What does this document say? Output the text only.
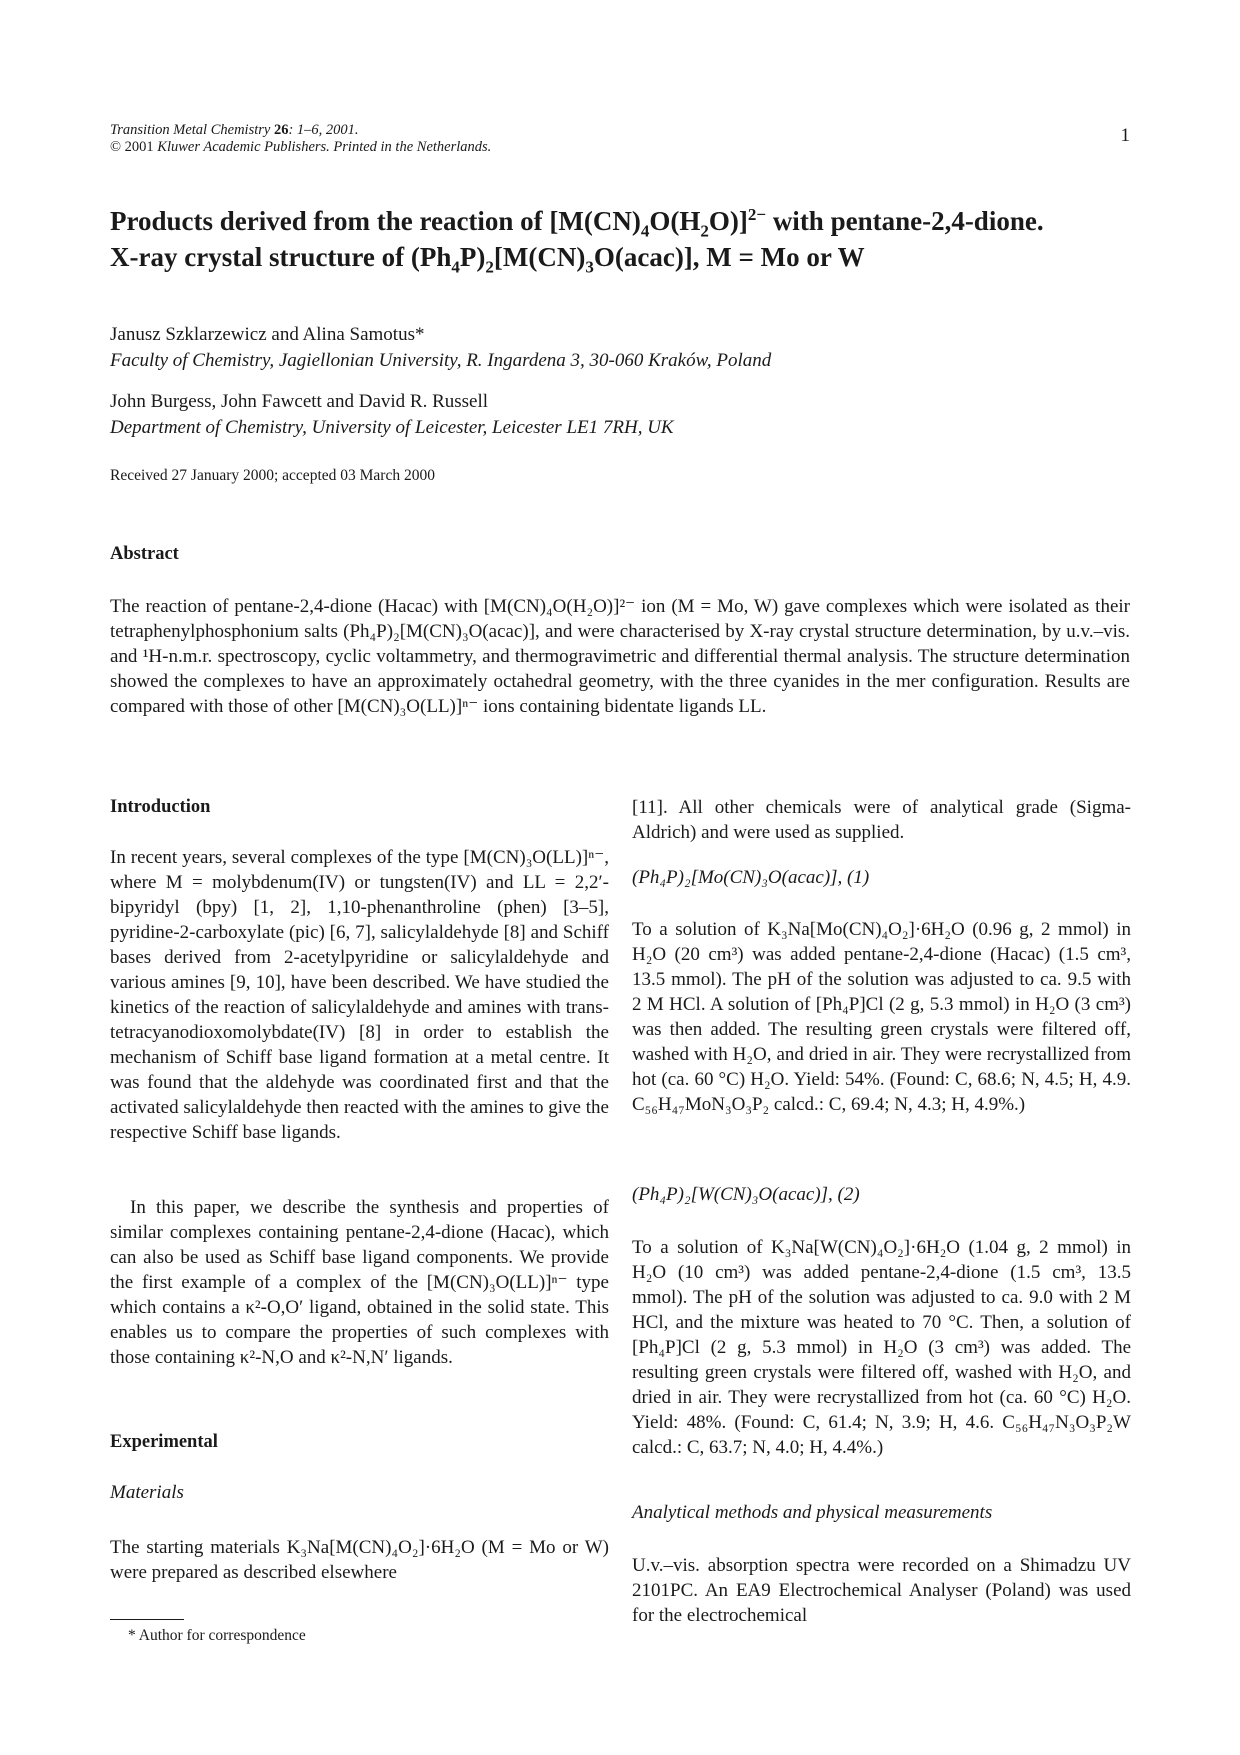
Transition Metal Chemistry 26: 1–6, 2001.
© 2001 Kluwer Academic Publishers. Printed in the Netherlands.
1
Products derived from the reaction of $[M(CN)_4O(H_2O)]^{2-}$ with pentane-2,4-dione.
X-ray crystal structure of $(Ph_4P)_2[M(CN)_3O(acac)]$, M = Mo or W
Janusz Szklarzewicz and Alina Samotus*
Faculty of Chemistry, Jagiellonian University, R. Ingardena 3, 30-060 Kraków, Poland
John Burgess, John Fawcett and David R. Russell
Department of Chemistry, University of Leicester, Leicester LE1 7RH, UK
Received 27 January 2000; accepted 03 March 2000
Abstract
The reaction of pentane-2,4-dione (Hacac) with [M(CN)₄O(H₂O)]²⁻ ion (M = Mo, W) gave complexes which were isolated as their tetraphenylphosphonium salts (Ph₄P)₂[M(CN)₃O(acac)], and were characterised by X-ray crystal structure determination, by u.v.–vis. and ¹H-n.m.r. spectroscopy, cyclic voltammetry, and thermogravimetric and differential thermal analysis. The structure determination showed the complexes to have an approximately octahedral geometry, with the three cyanides in the mer configuration. Results are compared with those of other [M(CN)₃O(LL)]ⁿ⁻ ions containing bidentate ligands LL.
Introduction
In recent years, several complexes of the type [M(CN)₃O(LL)]ⁿ⁻, where M = molybdenum(IV) or tungsten(IV) and LL = 2,2′-bipyridyl (bpy) [1, 2], 1,10-phenanthroline (phen) [3–5], pyridine-2-carboxylate (pic) [6, 7], salicylaldehyde [8] and Schiff bases derived from 2-acetylpyridine or salicylaldehyde and various amines [9, 10], have been described. We have studied the kinetics of the reaction of salicylaldehyde and amines with trans-tetracyanodioxomolybdate(IV) [8] in order to establish the mechanism of Schiff base ligand formation at a metal centre. It was found that the aldehyde was coordinated first and that the activated salicylaldehyde then reacted with the amines to give the respective Schiff base ligands.
In this paper, we describe the synthesis and properties of similar complexes containing pentane-2,4-dione (Hacac), which can also be used as Schiff base ligand components. We provide the first example of a complex of the [M(CN)₃O(LL)]ⁿ⁻ type which contains a κ²-O,O′ ligand, obtained in the solid state. This enables us to compare the properties of such complexes with those containing κ²-N,O and κ²-N,N′ ligands.
Experimental
Materials
The starting materials K₃Na[M(CN)₄O₂]·6H₂O (M = Mo or W) were prepared as described elsewhere
[11]. All other chemicals were of analytical grade (Sigma-Aldrich) and were used as supplied.
(Ph₄P)₂[Mo(CN)₃O(acac)], (1)
To a solution of K₃Na[Mo(CN)₄O₂]·6H₂O (0.96 g, 2 mmol) in H₂O (20 cm³) was added pentane-2,4-dione (Hacac) (1.5 cm³, 13.5 mmol). The pH of the solution was adjusted to ca. 9.5 with 2 M HCl. A solution of [Ph₄P]Cl (2 g, 5.3 mmol) in H₂O (3 cm³) was then added. The resulting green crystals were filtered off, washed with H₂O, and dried in air. They were recrystallized from hot (ca. 60 °C) H₂O. Yield: 54%. (Found: C, 68.6; N, 4.5; H, 4.9. C₅₆H₄₇MoN₃O₃P₂ calcd.: C, 69.4; N, 4.3; H, 4.9%.)
(Ph₄P)₂[W(CN)₃O(acac)], (2)
To a solution of K₃Na[W(CN)₄O₂]·6H₂O (1.04 g, 2 mmol) in H₂O (10 cm³) was added pentane-2,4-dione (1.5 cm³, 13.5 mmol). The pH of the solution was adjusted to ca. 9.0 with 2 M HCl, and the mixture was heated to 70 °C. Then, a solution of [Ph₄P]Cl (2 g, 5.3 mmol) in H₂O (3 cm³) was added. The resulting green crystals were filtered off, washed with H₂O, and dried in air. They were recrystallized from hot (ca. 60 °C) H₂O. Yield: 48%. (Found: C, 61.4; N, 3.9; H, 4.6. C₅₆H₄₇N₃O₃P₂W calcd.: C, 63.7; N, 4.0; H, 4.4%.)
Analytical methods and physical measurements
U.v.–vis. absorption spectra were recorded on a Shimadzu UV 2101PC. An EA9 Electrochemical Analyser (Poland) was used for the electrochemical
* Author for correspondence
